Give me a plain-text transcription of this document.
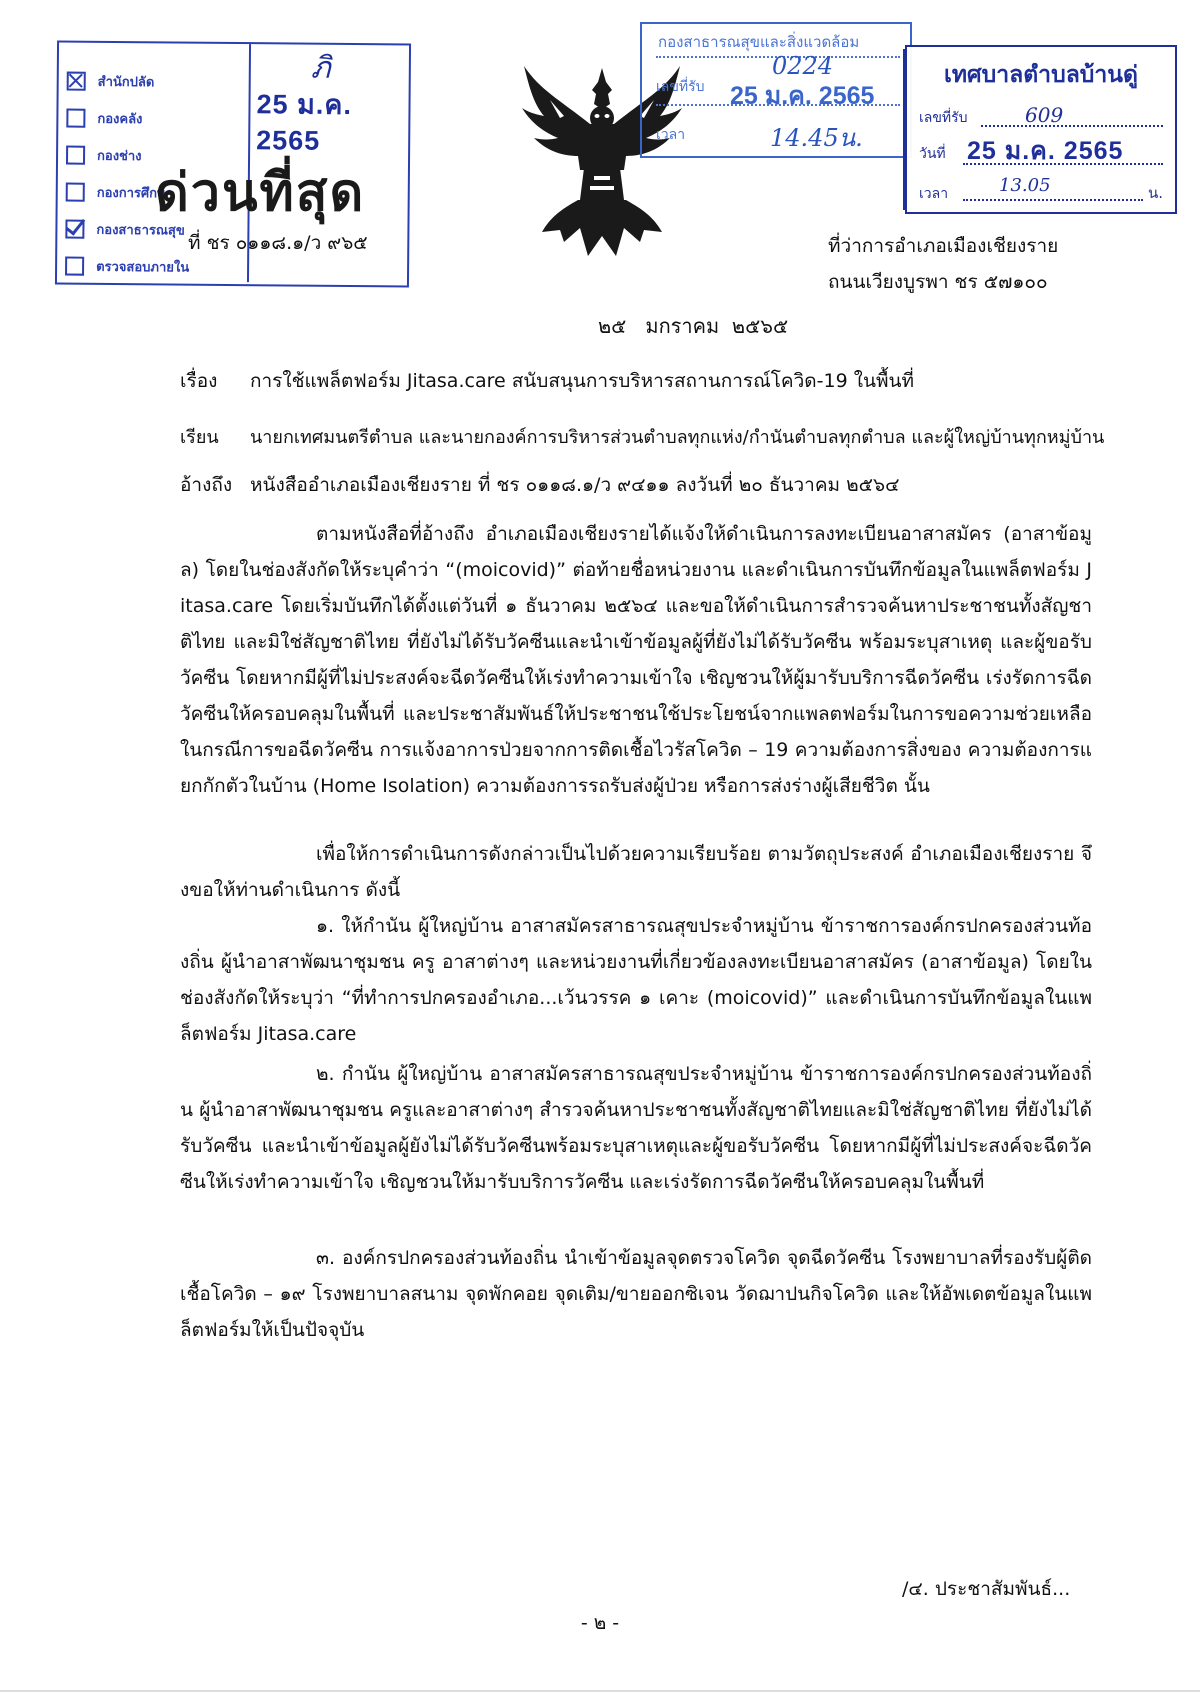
สำนักปลัด
กองคลัง
กองช่าง
กองการศึกษา
กองสาธารณสุข
ตรวจสอบภายใน
ภิ
25 ม.ค. 2565
ด่วนที่สุด
ที่ ชร ๐๑๑๘.๑/ว ๙๖๕
กองสาธารณสุขและสิ่งแวดล้อม
เลขที่รับ
0224
25 ม.ค. 2565
เวลา	14.45น.
เทศบาลตำบลบ้านดู่
เลขที่รับ	609
วันที่ 25 ม.ค. 2565
เวลา	13.05	น.
ที่ว่าการอำเภอเมืองเชียงราย
ถนนเวียงบูรพา ชร ๕๗๑๐๐
๒๕   มกราคม  ๒๕๖๕
เรื่อง	การใช้แพล็ตฟอร์ม Jitasa.care สนับสนุนการบริหารสถานการณ์โควิด-19 ในพื้นที่
เรียน	นายกเทศมนตรีตำบล และนายกองค์การบริหารส่วนตำบลทุกแห่ง/กำนันตำบลทุกตำบล และผู้ใหญ่บ้านทุกหมู่บ้าน
อ้างถึง หนังสืออำเภอเมืองเชียงราย ที่ ชร ๐๑๑๘.๑/ว ๙๔๑๑ ลงวันที่ ๒๐ ธันวาคม ๒๕๖๔
ตามหนังสือที่อ้างถึง อำเภอเมืองเชียงรายได้แจ้งให้ดำเนินการลงทะเบียนอาสาสมัคร (อาสาข้อมูล) โดยในช่องสังกัดให้ระบุคำว่า “(moicovid)” ต่อท้ายชื่อหน่วยงาน และดำเนินการบันทึกข้อมูลในแพล็ตฟอร์ม Jitasa.care โดยเริ่มบันทึกได้ตั้งแต่วันที่ ๑ ธันวาคม ๒๕๖๔ และขอให้ดำเนินการสำรวจค้นหาประชาชนทั้งสัญชาติไทย และมิใช่สัญชาติไทย ที่ยังไม่ได้รับวัคซีนและนำเข้าข้อมูลผู้ที่ยังไม่ได้รับวัคซีน พร้อมระบุสาเหตุ และผู้ขอรับวัคซีน โดยหากมีผู้ที่ไม่ประสงค์จะฉีดวัคซีนให้เร่งทำความเข้าใจ เชิญชวนให้ผู้มารับบริการฉีดวัคซีน เร่งรัดการฉีดวัคซีนให้ครอบคลุมในพื้นที่ และประชาสัมพันธ์ให้ประชาชนใช้ประโยชน์จากแพลตฟอร์มในการขอความช่วยเหลือในกรณีการขอฉีดวัคซีน การแจ้งอาการป่วยจากการติดเชื้อไวรัสโควิด – 19 ความต้องการสิ่งของ ความต้องการแยกกักตัวในบ้าน (Home Isolation) ความต้องการรถรับส่งผู้ป่วย หรือการส่งร่างผู้เสียชีวิต นั้น
เพื่อให้การดำเนินการดังกล่าวเป็นไปด้วยความเรียบร้อย ตามวัตถุประสงค์ อำเภอเมืองเชียงราย จึงขอให้ท่านดำเนินการ ดังนี้
๑. ให้กำนัน ผู้ใหญ่บ้าน อาสาสมัครสาธารณสุขประจำหมู่บ้าน ข้าราชการองค์กรปกครองส่วนท้องถิ่น ผู้นำอาสาพัฒนาชุมชน ครู อาสาต่างๆ และหน่วยงานที่เกี่ยวข้องลงทะเบียนอาสาสมัคร (อาสาข้อมูล) โดยในช่องสังกัดให้ระบุว่า “ที่ทำการปกครองอำเภอ...เว้นวรรค ๑ เคาะ (moicovid)” และดำเนินการบันทึกข้อมูลในแพล็ตฟอร์ม Jitasa.care
๒. กำนัน ผู้ใหญ่บ้าน อาสาสมัครสาธารณสุขประจำหมู่บ้าน ข้าราชการองค์กรปกครองส่วนท้องถิ่น ผู้นำอาสาพัฒนาชุมชน ครูและอาสาต่างๆ สำรวจค้นหาประชาชนทั้งสัญชาติไทยและมิใช่สัญชาติไทย ที่ยังไม่ได้รับวัคซีน และนำเข้าข้อมูลผู้ยังไม่ได้รับวัคซีนพร้อมระบุสาเหตุและผู้ขอรับวัคซีน โดยหากมีผู้ที่ไม่ประสงค์จะฉีดวัคซีนให้เร่งทำความเข้าใจ เชิญชวนให้มารับบริการวัคซีน และเร่งรัดการฉีดวัคซีนให้ครอบคลุมในพื้นที่
๓. องค์กรปกครองส่วนท้องถิ่น นำเข้าข้อมูลจุดตรวจโควิด จุดฉีดวัคซีน โรงพยาบาลที่รองรับผู้ติดเชื้อโควิด – ๑๙ โรงพยาบาลสนาม จุดพักคอย จุดเติม/ขายออกซิเจน วัดฌาปนกิจโควิด และให้อัพเดตข้อมูลในแพล็ตฟอร์มให้เป็นปัจจุบัน
/๔. ประชาสัมพันธ์...
- ๒ -
